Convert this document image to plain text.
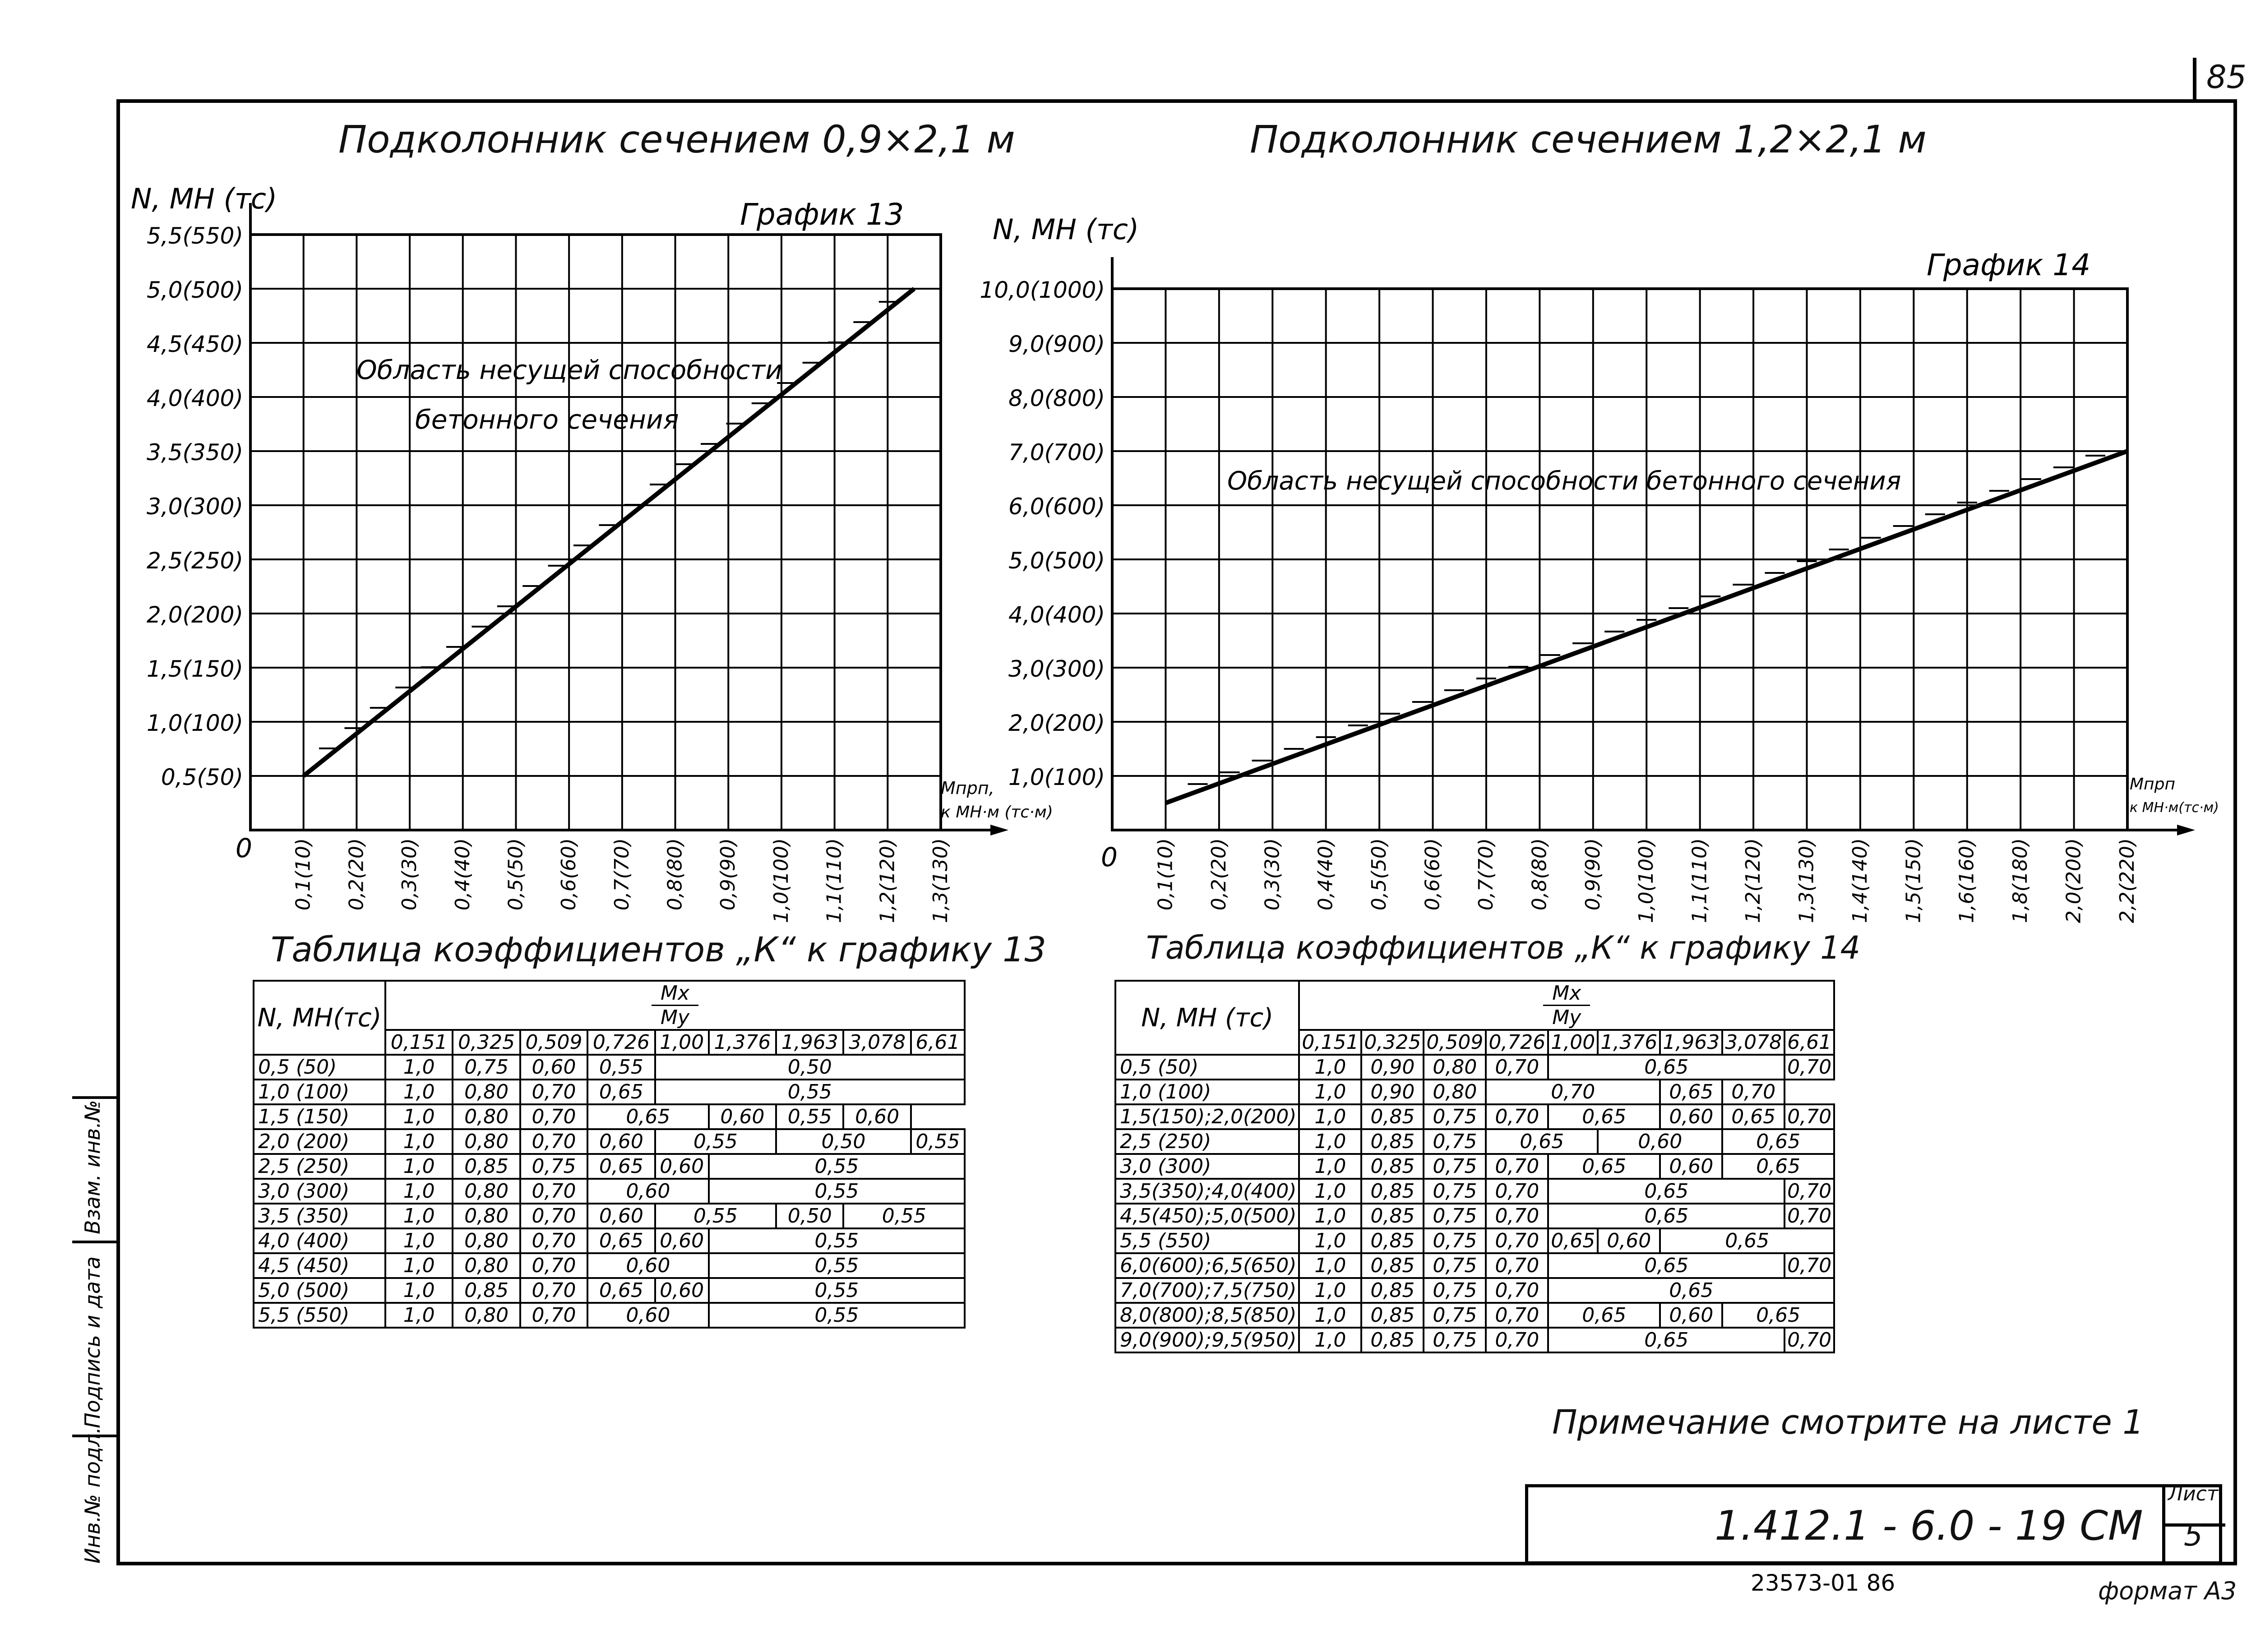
85
Подколонник сечением 0,9×2,1 м	Подколонник сечением 1,2×2,1 м
0,5(50)
1,0(100)
1,5(150)
2,0(200)
2,5(250)
3,0(300)
3,5(350)
4,0(400)
4,5(450)
5,0(500)
5,5(550)
0,1(10) 0,2(20) 0,3(30) 0,4(40) 0,5(50) 0,6(60) 0,7(70) 0,8(80) 0,9(90) 1,0(100) 1,1(110) 1,2(120) 1,3(130)
N, МН (тс)	График 13
Область несущей способности
бетонного сечения
Мпрп,
к МН·м (тс·м)
0
1,0(100)
2,0(200)
3,0(300)
4,0(400)
5,0(500)
6,0(600)
7,0(700)
8,0(800)
9,0(900)
10,0(1000)
0,1(10) 0,2(20) 0,3(30) 0,4(40) 0,5(50) 0,6(60) 0,7(70) 0,8(80) 0,9(90) 1,0(100) 1,1(110) 1,2(120) 1,3(130) 1,4(140) 1,5(150) 1,6(160) 1,8(180) 2,0(200) 2,2(220)
N, МН (тс)
График 14
Область несущей способности бетонного сечения
Мпрп
к МН·м(тс·м)
0
Таблица коэффициентов „К“ к графику 13	Таблица коэффициентов „К“ к графику 14
N, МН(тс)	Мх
Му								

	0,151	0,325	0,509	0,726	1,00	1,376	1,963	3,078	6,61
0,5 (50)	1,0	0,75	0,60	0,55	0,50				
1,0 (100)	1,0	0,80	0,70	0,65	0,55				
1,5 (150)	1,0	0,80	0,70	0,65		0,60	0,55	0,60	
2,0 (200)	1,0	0,80	0,70	0,60	0,55		0,50		0,55
2,5 (250)	1,0	0,85	0,75	0,65	0,60	0,55			
3,0 (300)	1,0	0,80	0,70	0,60		0,55			
3,5 (350)	1,0	0,80	0,70	0,60	0,55		0,50	0,55	
4,0 (400)	1,0	0,80	0,70	0,65	0,60	0,55			
4,5 (450)	1,0	0,80	0,70	0,60		0,55			
5,0 (500)	1,0	0,85	0,70	0,65	0,60	0,55			
5,5 (550)	1,0	0,80	0,70	0,60		0,55			
N, МН (тс)	Мх
Му								

	0,151	0,325	0,509	0,726	1,00	1,376	1,963	3,078	6,61
0,5 (50)	1,0	0,90	0,80	0,70	0,65				0,70
1,0 (100)	1,0	0,90	0,80	0,70			0,65	0,70	
1,5(150);2,0(200)	1,0	0,85	0,75	0,70	0,65		0,60	0,65	0,70
2,5 (250)	1,0	0,85	0,75	0,65		0,60		0,65	
3,0 (300)	1,0	0,85	0,75	0,70	0,65		0,60	0,65	
3,5(350);4,0(400)	1,0	0,85	0,75	0,70	0,65				0,70
4,5(450);5,0(500)	1,0	0,85	0,75	0,70	0,65				0,70
5,5 (550)	1,0	0,85	0,75	0,70	0,65	0,60	0,65		
6,0(600);6,5(650)	1,0	0,85	0,75	0,70	0,65				0,70
7,0(700);7,5(750)	1,0	0,85	0,75	0,70	0,65				
8,0(800);8,5(850)	1,0	0,85	0,75	0,70	0,65		0,60	0,65	
9,0(900);9,5(950)	1,0	0,85	0,75	0,70	0,65				0,70
Взам. инв.№
Подпись и дата
Инв.№ подл.
Примечание смотрите на листе 1
1.412.1 - 6.0 - 19 СМ
Лист
5
23573-01 86	формат А3
